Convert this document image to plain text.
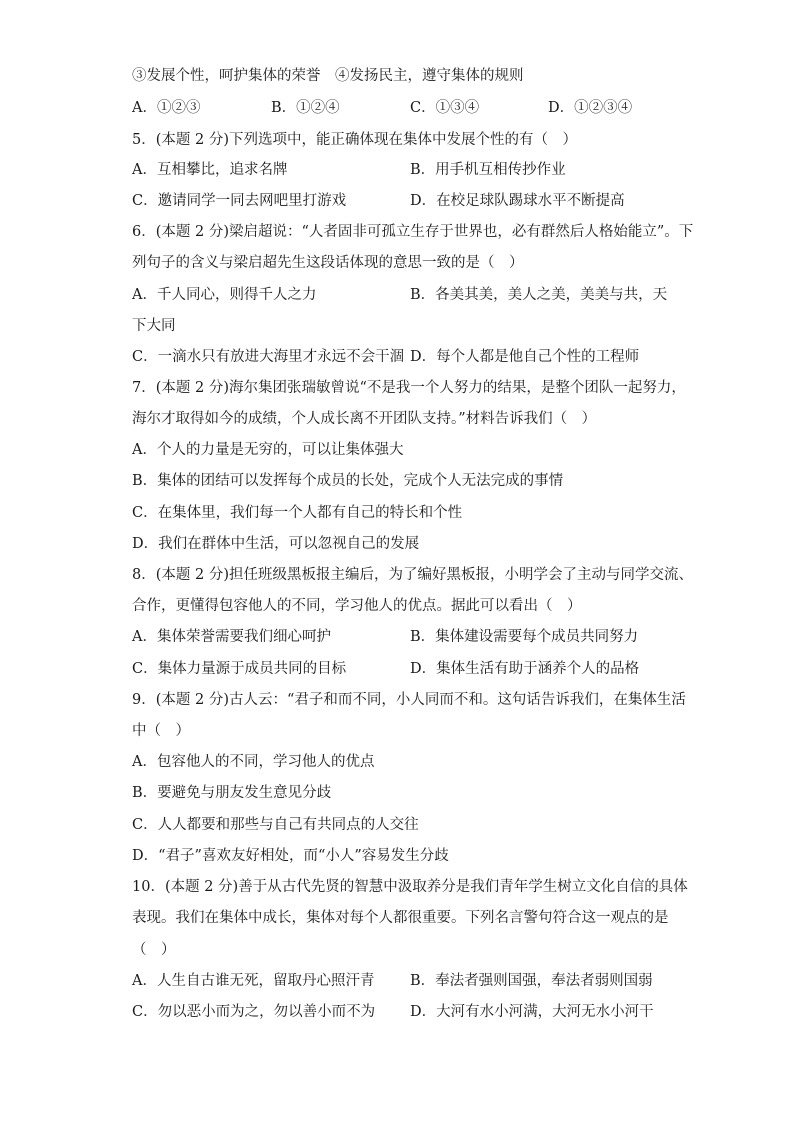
③发展个性，呵护集体的荣誉　④发扬民主，遵守集体的规则
A．①②③	B．①②④	C．①③④	D．①②③④
5．(本题 2 分)下列选项中，能正确体现在集体中发展个性的有（　）
A．互相攀比，追求名牌	B．用手机互相传抄作业
C．邀请同学一同去网吧里打游戏	D．在校足球队踢球水平不断提高
6．(本题 2 分)梁启超说：“人者固非可孤立生存于世界也，必有群然后人格始能立”。下
列句子的含义与梁启超先生这段话体现的意思一致的是（　）
A．千人同心，则得千人之力	B．各美其美，美人之美，美美与共，天
下大同
C．一滴水只有放进大海里才永远不会干涸 D．每个人都是他自己个性的工程师
7．(本题 2 分)海尔集团张瑞敏曾说“不是我一个人努力的结果，是整个团队一起努力，
海尔才取得如今的成绩，个人成长离不开团队支持。”材料告诉我们（　）
A．个人的力量是无穷的，可以让集体强大
B．集体的团结可以发挥每个成员的长处，完成个人无法完成的事情
C．在集体里，我们每一个人都有自己的特长和个性
D．我们在群体中生活，可以忽视自己的发展
8．(本题 2 分)担任班级黑板报主编后，为了编好黑板报，小明学会了主动与同学交流、
合作，更懂得包容他人的不同，学习他人的优点。据此可以看出（　）
A．集体荣誉需要我们细心呵护	B．集体建设需要每个成员共同努力
C．集体力量源于成员共同的目标	D．集体生活有助于涵养个人的品格
9．(本题 2 分)古人云：“君子和而不同，小人同而不和。这句话告诉我们，在集体生活
中（　）
A．包容他人的不同，学习他人的优点
B．要避免与朋友发生意见分歧
C．人人都要和那些与自己有共同点的人交往
D．“君子”喜欢友好相处，而“小人”容易发生分歧
10．(本题 2 分)善于从古代先贤的智慧中汲取养分是我们青年学生树立文化自信的具体
表现。我们在集体中成长，集体对每个人都很重要。下列名言警句符合这一观点的是
（　）
A．人生自古谁无死，留取丹心照汗青 B．奉法者强则国强，奉法者弱则国弱
C．勿以恶小而为之，勿以善小而不为 D．大河有水小河满，大河无水小河干
